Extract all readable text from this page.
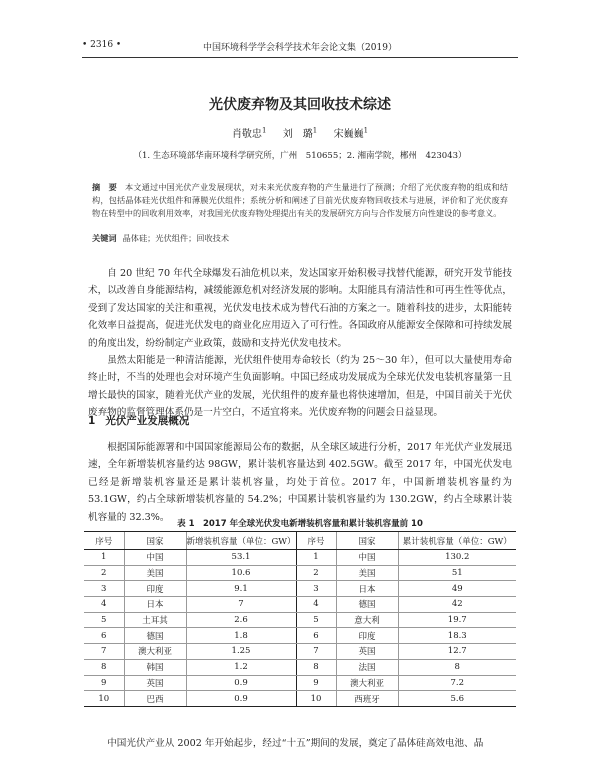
• 2316 •	中国环境科学学会科学技术年会论文集（2019）
光伏废弃物及其回收技术综述
肖敬忠$^1$   刘　璐$^1$   宋巍巍$^1$
（1. 生态环境部华南环境科学研究所，广州　510655；2. 湘南学院，郴州　423043）
摘　要 本文通过中国光伏产业发展现状，对未来光伏废弃物的产生量进行了预测；介绍了光伏废弃物的组成和结构，包括晶体硅光伏组件和薄膜光伏组件；系统分析和阐述了目前光伏废弃物回收技术与进展，评价和了光伏废弃物在转型中的回收利用效率，对我国光伏废弃物处理提出有关的发展研究方向与合作发展方向性建设的参考意义。
关键词 晶体硅；光伏组件；回收技术

自 20 世纪 70 年代全球爆发石油危机以来，发达国家开始积极寻找替代能源，研究开发节能技术，以改善自身能源结构，减缓能源危机对经济发展的影响。太阳能具有清洁性和可再生性等优点，受到了发达国家的关注和重视，光伏发电技术成为替代石油的方案之一。随着科技的进步，太阳能转化效率日益提高，促进光伏发电的商业化应用迈入了可行性。各国政府从能源安全保障和可持续发展的角度出发，纷纷制定产业政策，鼓励和支持光伏发电技术。

虽然太阳能是一种清洁能源，光伏组件使用寿命较长（约为 25～30 年），但可以大量使用寿命终止时，不当的处理也会对环境产生负面影响。中国已经成功发展成为全球光伏发电装机容量第一且增长最快的国家，随着光伏产业的发展，光伏组件的废弃量也将快速增加，但是，中国目前关于光伏废弃物的监督管理体系仍是一片空白，不适宜将来。光伏废弃物的问题会日益显现。

1 光伏产业发展概况

根据国际能源署和中国国家能源局公布的数据，从全球区域进行分析，2017 年光伏产业发展迅速，全年新增装机容量约达 98GW，累计装机容量达到 402.5GW。截至 2017 年，中国光伏发电已经是新增装机容量还是累计装机容量，均处于首位。2017 年，中国新增装机容量约为 53.1GW，约占全球新增装机容量的 54.2%；中国累计装机容量约为 130.2GW，约占全球累计装机容量的 32.3%。

表 1　2017 年全球光伏发电新增装机容量和累计装机容量前 10
序号	国家	新增装机容量（单位：GW）	序号	国家	累计装机容量（单位：GW）
1	中国	53.1	1	中国	130.2
2	美国	10.6	2	美国	51
3	印度	9.1	3	日本	49
4	日本	7	4	德国	42
5	土耳其	2.6	5	意大利	19.7
6	德国	1.8	6	印度	18.3
7	澳大利亚	1.25	7	英国	12.7
8	韩国	1.2	8	法国	8
9	英国	0.9	9	澳大利亚	7.2
10	巴西	0.9	10	西班牙	5.6

中国光伏产业从 2002 年开始起步，经过“十五”期间的发展，奠定了晶体硅高效电池、晶
